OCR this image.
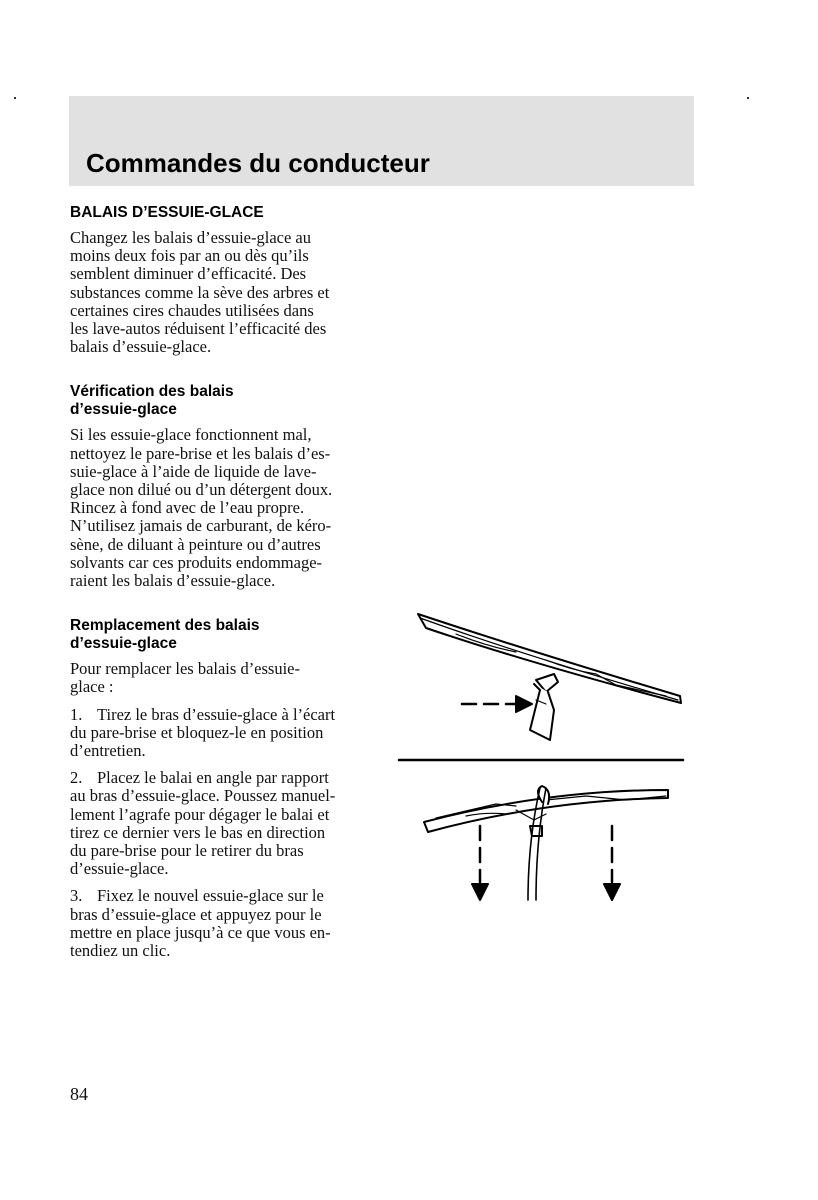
Commandes du conducteur
BALAIS D’ESSUIE-GLACE

Changez les balais d’essuie-glace au
moins deux fois par an ou dès qu’ils
semblent diminuer d’efficacité. Des
substances comme la sève des arbres et
certaines cires chaudes utilisées dans
les lave-autos réduisent l’efficacité des
balais d’essuie-glace.

Vérification des balais
d’essuie-glace

Si les essuie-glace fonctionnent mal,
nettoyez le pare-brise et les balais d’es-
suie-glace à l’aide de liquide de lave-
glace non dilué ou d’un détergent doux.
Rincez à fond avec de l’eau propre.
N’utilisez jamais de carburant, de kéro-
sène, de diluant à peinture ou d’autres
solvants car ces produits endommage-
raient les balais d’essuie-glace.

Remplacement des balais
d’essuie-glace

Pour remplacer les balais d’essuie-
glace :

1. Tirez le bras d’essuie-glace à l’écart

du pare-brise et bloquez-le en position
d’entretien.

2. Placez le balai en angle par rapport

au bras d’essuie-glace. Poussez manuel-
lement l’agrafe pour dégager le balai et
tirez ce dernier vers le bas en direction
du pare-brise pour le retirer du bras
d’essuie-glace.

3. Fixez le nouvel essuie-glace sur le

bras d’essuie-glace et appuyez pour le
mettre en place jusqu’à ce que vous en-
tendiez un clic.

84
